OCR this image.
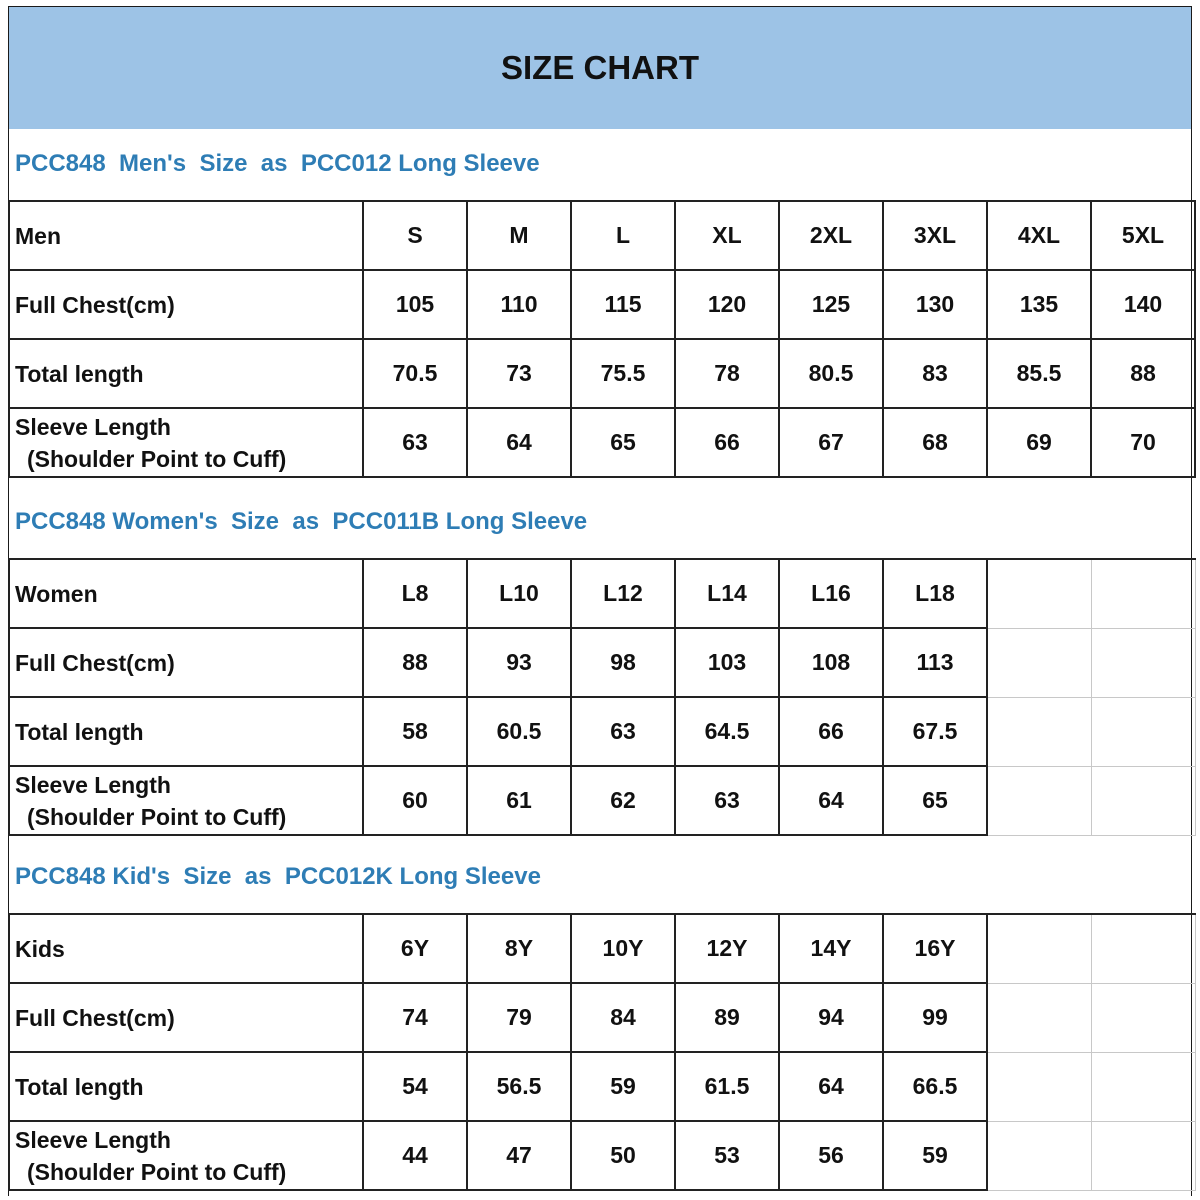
SIZE CHART
PCC848  Men's  Size  as  PCC012 Long Sleeve
Men	S	M	L	XL	2XL	3XL	4XL	5XL
Full Chest(cm)	105	110	115	120	125	130	135	140
Total length	70.5	73	75.5	78	80.5	83	85.5	88
Sleeve Length
(Shoulder Point to Cuff)	63	64	65	66	67	68	69	70
PCC848 Women's  Size  as  PCC011B Long Sleeve
Women	L8	L10	L12	L14	L16	L18		
Full Chest(cm)	88	93	98	103	108	113		
Total length	58	60.5	63	64.5	66	67.5		
Sleeve Length
(Shoulder Point to Cuff)	60	61	62	63	64	65		
PCC848 Kid's  Size  as  PCC012K Long Sleeve
Kids	6Y	8Y	10Y	12Y	14Y	16Y		
Full Chest(cm)	74	79	84	89	94	99		
Total length	54	56.5	59	61.5	64	66.5		
Sleeve Length
(Shoulder Point to Cuff)	44	47	50	53	56	59		
